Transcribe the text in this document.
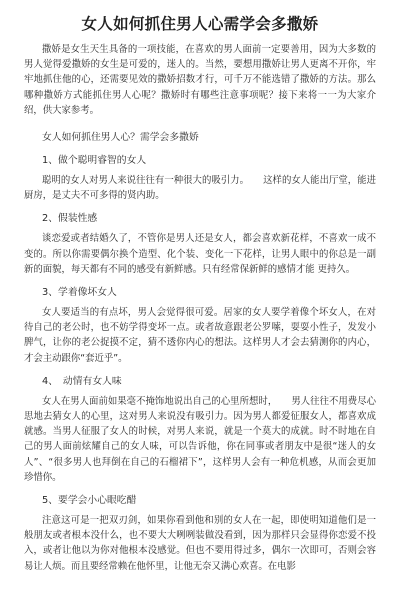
女人如何抓住男人心需学会多撒娇

撒娇是女生天生具备的一项技能，在喜欢的男人面前一定要善用，因为大多数的男人觉得爱撒娇的女生是可爱的，迷人的。当然，要想用撒娇让男人更离不开你，牢牢地抓住他的心，还需要见效的撒娇招数才行，可千万不能选错了撒娇的方法。那么哪种撒娇方式能抓住男人心呢？撒娇时有哪些注意事项呢？接下来将一一为大家介绍，供大家参考。

女人如何抓住男人心？需学会多撒娇

1、做个聪明睿智的女人

聪明的女人对男人来说往往有一种很大的吸引力。　　这样的女人能出厅堂，能进厨房，是丈夫不可多得的贤内助。

2、假装性感

谈恋爱或者结婚久了，不管你是男人还是女人，都会喜欢新花样，不喜欢一成不变的。所以你需要偶尔换个造型、化个装、变化一下花样，让男人眼中的你总是一副新的面貌，每天都有不同的感受有新鲜感。只有经常保新鲜的感情才能 更持久。

3、学着像坏女人

女人要适当的有点坏，男人会觉得很可爱。居家的女人要学着像个坏女人，在对待自己的老公时，也不妨学得变坏一点。或者故意跟老公罗嗦，耍耍小性子，发发小脾气，让你的老公捉摸不定，猜不透你内心的想法。这样男人才会去猜测你的内心，才会主动跟你“套近乎”。

4、　动情有女人味

女人在男人面前如果毫不掩饰地说出自己的心里所想时，　　男人往往不用费尽心思地去猜女人的心里，这对男人来说没有吸引力。因为男人都爱征服女人，都喜欢成就感。当男人征服了女人的时候，对男人来说，就是一个莫大的成就。时不时地在自己的男人面前炫耀自己的女人味，可以告诉他，你在同事或者朋友中是很“迷人的女人”、“很多男人也拜倒在自己的石榴裙下”，这样男人会有一种危机感，从而会更加珍惜你。

5、要学会小心眼吃醋

注意这可是一把双刃剑，如果你看到他和别的女人在一起，即使明知道他们是一般朋友或者根本没什么，也不要大大咧咧装做没看到，因为那样只会显得你恋爱不投入，或者让他以为你对他根本没感觉。但也不要用得过多，偶尔一次即可，否则会容易让人烦。而且要经常赖在他怀里，让他无奈又满心欢喜。在电影
